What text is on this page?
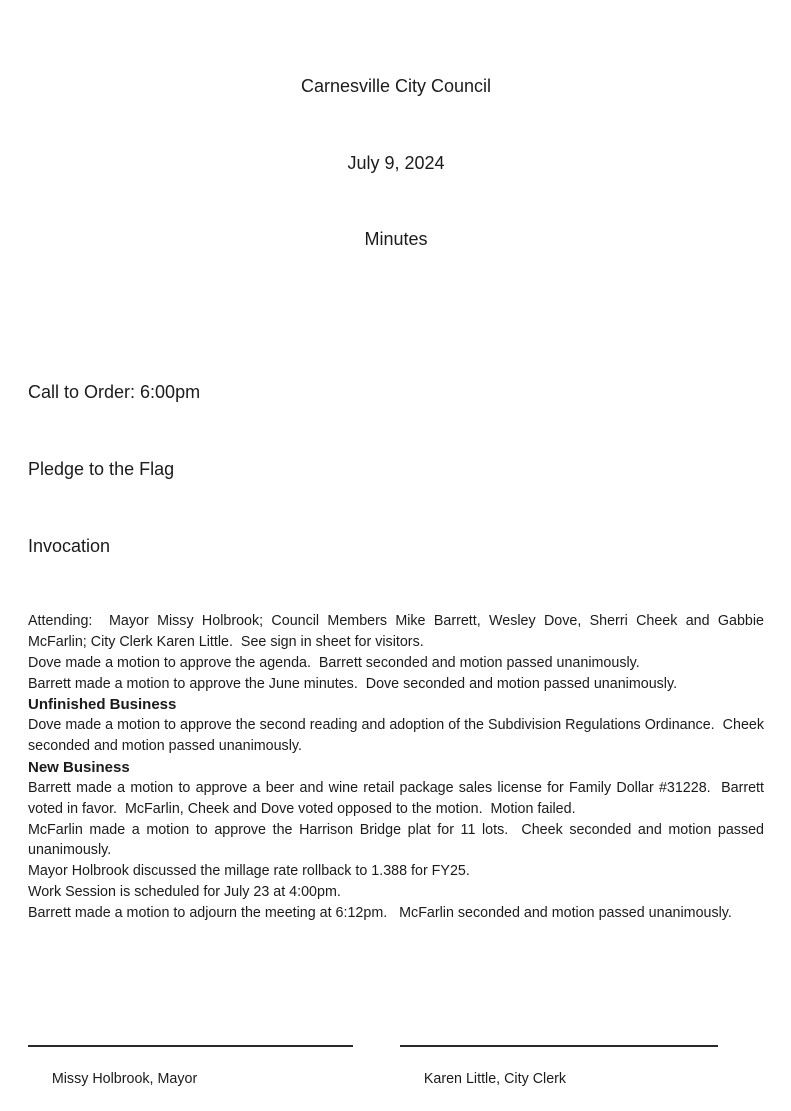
Carnesville City Council

July 9, 2024

Minutes

Call to Order: 6:00pm

Pledge to the Flag

Invocation

Attending:  Mayor Missy Holbrook; Council Members Mike Barrett, Wesley Dove, Sherri Cheek and Gabbie McFarlin; City Clerk Karen Little.  See sign in sheet for visitors.

Dove made a motion to approve the agenda.  Barrett seconded and motion passed unanimously.

Barrett made a motion to approve the June minutes.  Dove seconded and motion passed unanimously.

Unfinished Business

Dove made a motion to approve the second reading and adoption of the Subdivision Regulations Ordinance.  Cheek seconded and motion passed unanimously.

New Business

Barrett made a motion to approve a beer and wine retail package sales license for Family Dollar #31228.  Barrett voted in favor.  McFarlin, Cheek and Dove voted opposed to the motion.  Motion failed.

McFarlin made a motion to approve the Harrison Bridge plat for 11 lots.  Cheek seconded and motion passed unanimously.

Mayor Holbrook discussed the millage rate rollback to 1.388 for FY25.

Work Session is scheduled for July 23 at 4:00pm.

Barrett made a motion to adjourn the meeting at 6:12pm.   McFarlin seconded and motion passed unanimously.

Missy Holbrook, Mayor
	Karen Little, City Clerk
